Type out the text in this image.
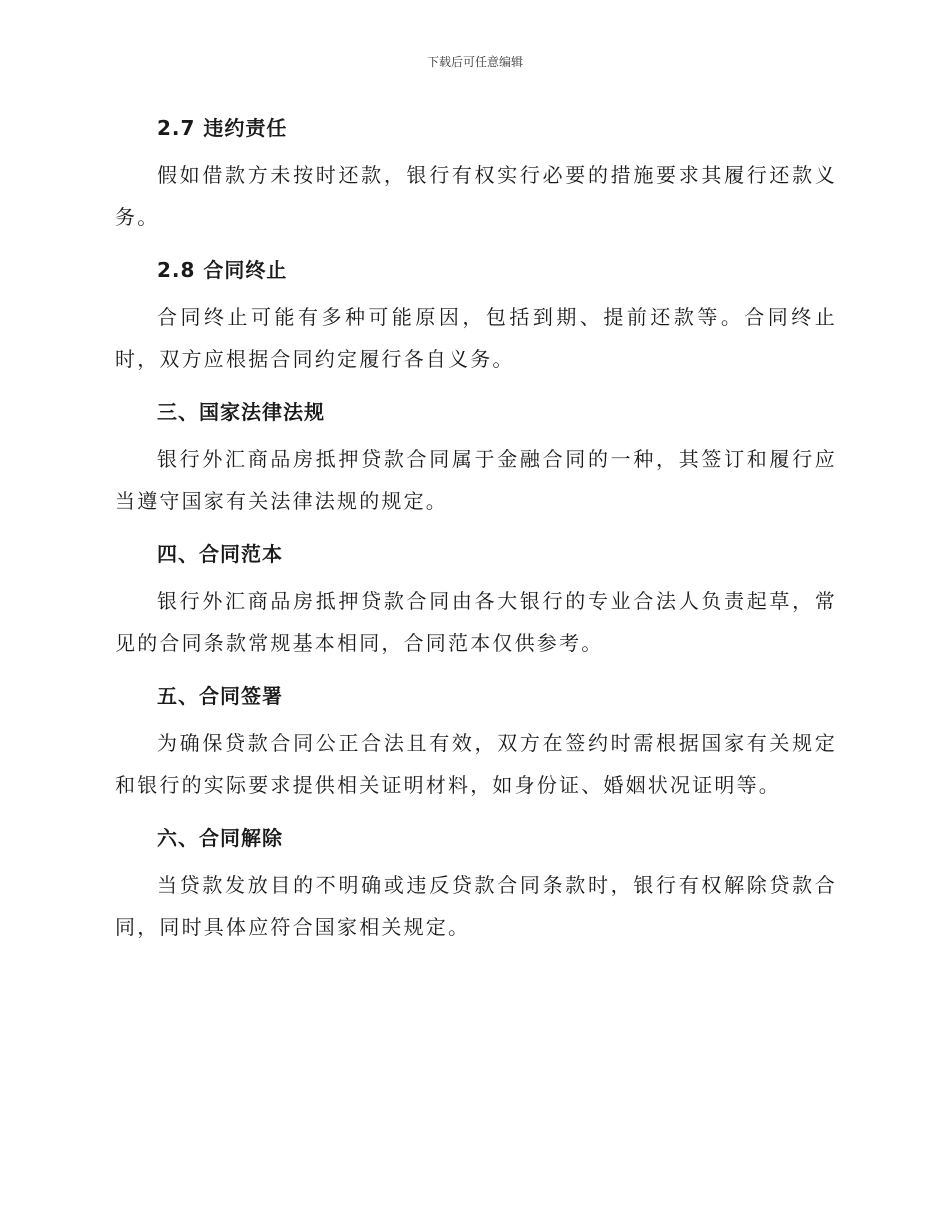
下载后可任意编辑

2.7 违约责任

假如借款方未按时还款，银行有权实行必要的措施要求其履行还款义务。

2.8 合同终止

合同终止可能有多种可能原因，包括到期、提前还款等。合同终止时，双方应根据合同约定履行各自义务。

三、国家法律法规

银行外汇商品房抵押贷款合同属于金融合同的一种，其签订和履行应当遵守国家有关法律法规的规定。

四、合同范本

银行外汇商品房抵押贷款合同由各大银行的专业合法人负责起草，常见的合同条款常规基本相同，合同范本仅供参考。

五、合同签署

为确保贷款合同公正合法且有效，双方在签约时需根据国家有关规定和银行的实际要求提供相关证明材料，如身份证、婚姻状况证明等。

六、合同解除

当贷款发放目的不明确或违反贷款合同条款时，银行有权解除贷款合同，同时具体应符合国家相关规定。
